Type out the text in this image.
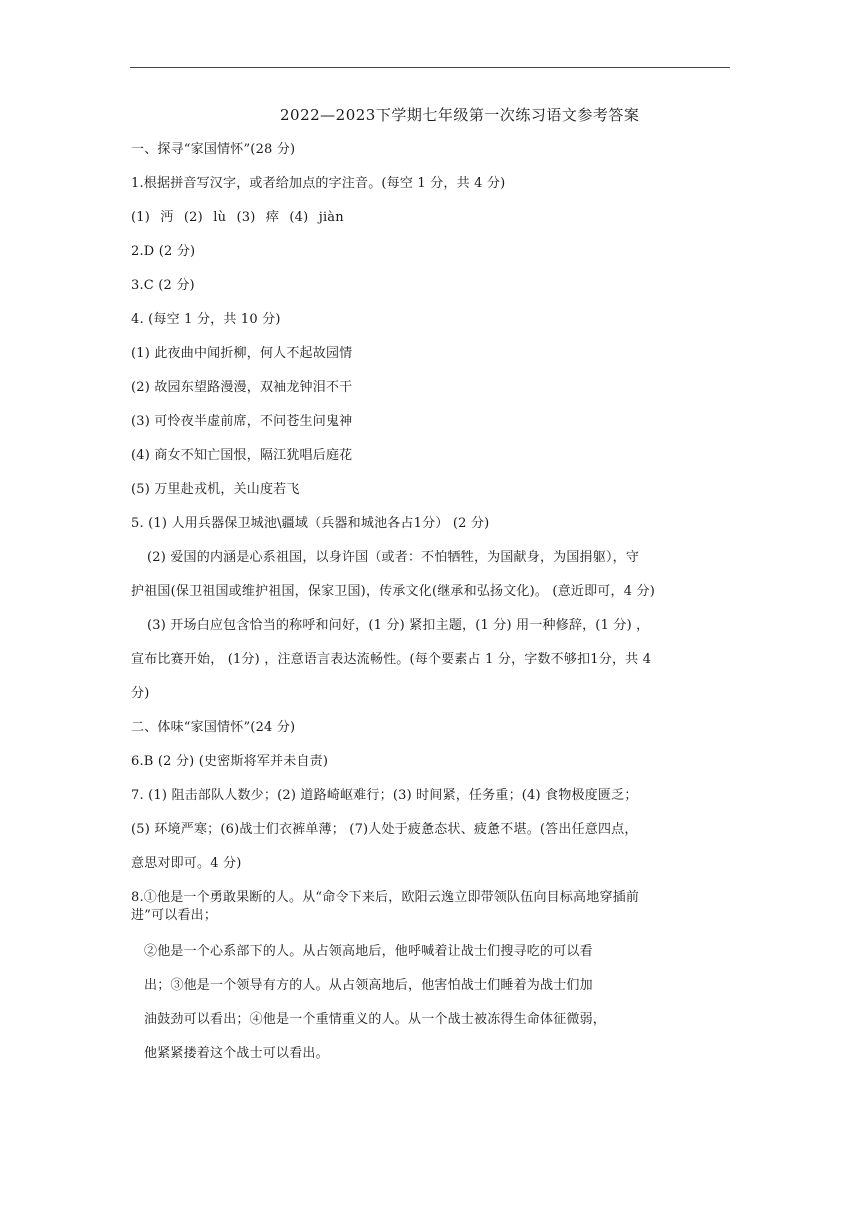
2022—2023下学期七年级第一次练习语文参考答案
一、探寻“家国情怀”(28 分)
1.根据拼音写汉字，或者给加点的字注音。(每空 1 分，共 4 分)
(1) 沔 (2) lù (3) 瘁 (4) jiàn
2.D (2 分)
3.C (2 分)
4. (每空 1 分，共 10 分)
(1) 此夜曲中闻折柳，何人不起故园情
(2) 故园东望路漫漫，双袖龙钟泪不干
(3) 可怜夜半虚前席，不问苍生问鬼神
(4) 商女不知亡国恨，隔江犹唱后庭花
(5) 万里赴戎机，关山度若飞
5. (1) 人用兵器保卫城池\疆域（兵器和城池各占1分） (2 分)
(2) 爱国的内涵是心系祖国，以身许国（或者：不怕牺牲，为国献身，为国捐躯），守
护祖国(保卫祖国或维护祖国，保家卫国)，传承文化(继承和弘扬文化)。 (意近即可，4 分)
(3) 开场白应包含恰当的称呼和问好，(1 分) 紧扣主题，(1 分) 用一种修辞，(1 分) ，
宣布比赛开始， (1分) ，注意语言表达流畅性。(每个要素占 1 分，字数不够扣1分，共 4
分)
二、体味“家国情怀”(24 分)
6.B (2 分) (史密斯将军并未自责)
7. (1) 阻击部队人数少；(2) 道路崎岖难行；(3) 时间紧，任务重；(4) 食物极度匮乏；
(5) 环境严寒；(6)战士们衣裤单薄； (7)人处于疲惫态状、疲惫不堪。(答出任意四点，
意思对即可。4 分)
8.①他是一个勇敢果断的人。从“命令下来后，欧阳云逸立即带领队伍向目标高地穿插前
进”可以看出；
②他是一个心系部下的人。从占领高地后，他呼喊着让战士们搜寻吃的可以看
出；③他是一个领导有方的人。从占领高地后，他害怕战士们睡着为战士们加
油鼓劲可以看出；④他是一个重情重义的人。从一个战士被冻得生命体征微弱，
他紧紧搂着这个战士可以看出。
